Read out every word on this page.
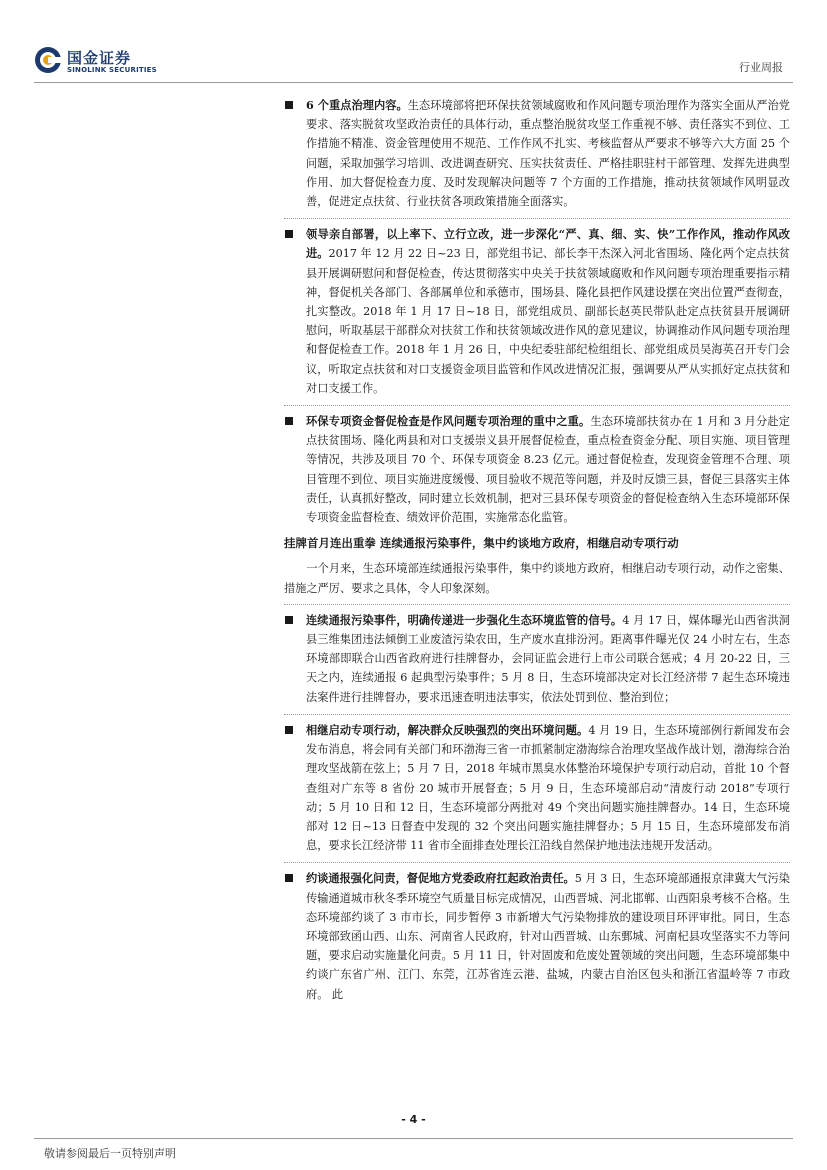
国金证券
SINOLINK SECURITIES	行业周报
6 个重点治理内容。生态环境部将把环保扶贫领域腐败和作风问题专项治理作为落实全面从严治党要求、落实脱贫攻坚政治责任的具体行动，重点整治脱贫攻坚工作重视不够、责任落实不到位、工作措施不精准、资金管理使用不规范、工作作风不扎实、考核监督从严要求不够等六大方面 25 个问题，采取加强学习培训、改进调查研究、压实扶贫责任、严格挂职驻村干部管理、发挥先进典型作用、加大督促检查力度、及时发现解决问题等 7 个方面的工作措施，推动扶贫领域作风明显改善，促进定点扶贫、行业扶贫各项政策措施全面落实。
领导亲自部署，以上率下、立行立改，进一步深化“严、真、细、实、快”工作作风，推动作风改进。2017 年 12 月 22 日~23 日，部党组书记、部长李干杰深入河北省围场、隆化两个定点扶贫县开展调研慰问和督促检查，传达贯彻落实中央关于扶贫领域腐败和作风问题专项治理重要指示精神，督促机关各部门、各部属单位和承德市，围场县、隆化县把作风建设摆在突出位置严查彻查，扎实整改。2018 年 1 月 17 日~18 日，部党组成员、副部长赵英民带队赴定点扶贫县开展调研慰问，听取基层干部群众对扶贫工作和扶贫领域改进作风的意见建议，协调推动作风问题专项治理和督促检查工作。2018 年 1 月 26 日，中央纪委驻部纪检组组长、部党组成员吴海英召开专门会议，听取定点扶贫和对口支援资金项目监管和作风改进情况汇报，强调要从严从实抓好定点扶贫和对口支援工作。
环保专项资金督促检查是作风问题专项治理的重中之重。生态环境部扶贫办在 1 月和 3 月分赴定点扶贫围场、隆化两县和对口支援崇义县开展督促检查，重点检查资金分配、项目实施、项目管理等情况，共涉及项目 70 个、环保专项资金 8.23 亿元。通过督促检查，发现资金管理不合理、项目管理不到位、项目实施进度缓慢、项目验收不规范等问题，并及时反馈三县，督促三县落实主体责任，认真抓好整改，同时建立长效机制，把对三县环保专项资金的督促检查纳入生态环境部环保专项资金监督检查、绩效评价范围，实施常态化监管。
挂牌首月连出重拳 连续通报污染事件，集中约谈地方政府，相继启动专项行动
一个月来，生态环境部连续通报污染事件，集中约谈地方政府，相继启动专项行动，动作之密集、措施之严厉、要求之具体，令人印象深刻。
连续通报污染事件，明确传递进一步强化生态环境监管的信号。4 月 17 日，媒体曝光山西省洪洞县三维集团违法倾倒工业废渣污染农田，生产废水直排汾河。距离事件曝光仅 24 小时左右，生态环境部即联合山西省政府进行挂牌督办，会同证监会进行上市公司联合惩戒；4 月 20-22 日，三天之内，连续通报 6 起典型污染事件；5 月 8 日，生态环境部决定对长江经济带 7 起生态环境违法案件进行挂牌督办，要求迅速查明违法事实，依法处罚到位、整治到位；
相继启动专项行动，解决群众反映强烈的突出环境问题。4 月 19 日，生态环境部例行新闻发布会发布消息，将会同有关部门和环渤海三省一市抓紧制定渤海综合治理攻坚战作战计划，渤海综合治理攻坚战箭在弦上；5 月 7 日，2018 年城市黑臭水体整治环境保护专项行动启动，首批 10 个督查组对广东等 8 省份 20 城市开展督查；5 月 9 日，生态环境部启动“清废行动 2018”专项行动；5 月 10 日和 12 日，生态环境部分两批对 49 个突出问题实施挂牌督办。14 日，生态环境部对 12 日~13 日督查中发现的 32 个突出问题实施挂牌督办；5 月 15 日，生态环境部发布消息，要求长江经济带 11 省市全面排查处理长江沿线自然保护地违法违规开发活动。
约谈通报强化问责，督促地方党委政府扛起政治责任。5 月 3 日，生态环境部通报京津冀大气污染传输通道城市秋冬季环境空气质量目标完成情况，山西晋城、河北邯郸、山西阳泉考核不合格。生态环境部约谈了 3 市市长，同步暂停 3 市新增大气污染物排放的建设项目环评审批。同日，生态环境部致函山西、山东、河南省人民政府，针对山西晋城、山东鄄城、河南杞县攻坚落实不力等问题，要求启动实施量化问责。5 月 11 日，针对固废和危废处置领域的突出问题，生态环境部集中约谈广东省广州、江门、东莞，江苏省连云港、盐城，内蒙古自治区包头和浙江省温岭等 7 市政府。 此
- 4 -
敬请参阅最后一页特别声明
